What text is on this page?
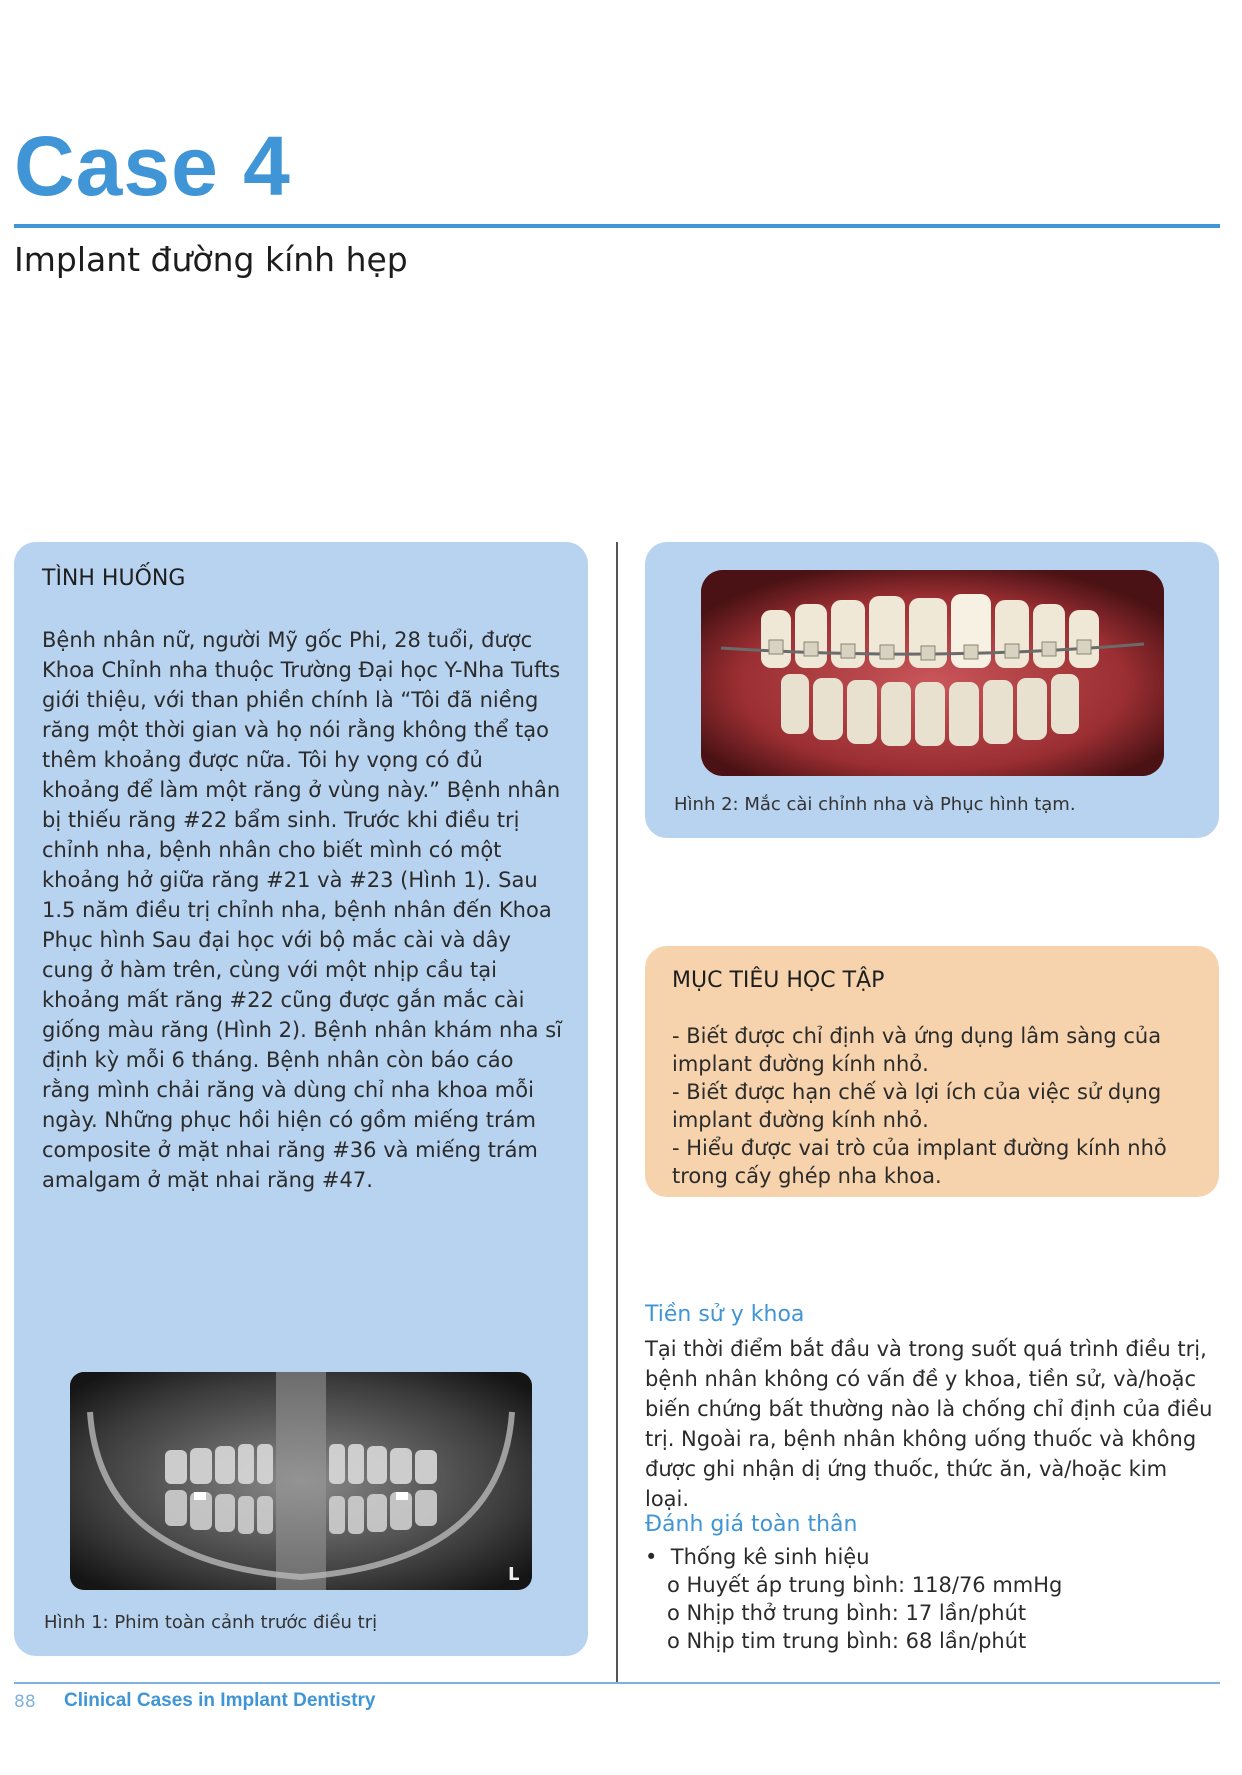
Case 4
Implant đường kính hẹp
TÌNH HUỐNG

Bệnh nhân nữ, người Mỹ gốc Phi, 28 tuổi, được Khoa Chỉnh nha thuộc Trường Đại học Y-Nha Tufts giới thiệu, với than phiền chính là “Tôi đã niềng răng một thời gian và họ nói rằng không thể tạo thêm khoảng được nữa. Tôi hy vọng có đủ khoảng để làm một răng ở vùng này.” Bệnh nhân bị thiếu răng #22 bẩm sinh. Trước khi điều trị chỉnh nha, bệnh nhân cho biết mình có một khoảng hở giữa răng #21 và #23 (Hình 1). Sau 1.5 năm điều trị chỉnh nha, bệnh nhân đến Khoa Phục hình Sau đại học với bộ mắc cài và dây cung ở hàm trên, cùng với một nhịp cầu tại khoảng mất răng #22 cũng được gắn mắc cài giống màu răng (Hình 2). Bệnh nhân khám nha sĩ định kỳ mỗi 6 tháng. Bệnh nhân còn báo cáo rằng mình chải răng và dùng chỉ nha khoa mỗi ngày. Những phục hồi hiện có gồm miếng trám composite ở mặt nhai răng #36 và miếng trám amalgam ở mặt nhai răng #47.

L

Hình 1: Phim toàn cảnh trước điều trị

Hình 2: Mắc cài chỉnh nha và Phục hình tạm.

MỤC TIÊU HỌC TẬP
- Biết được chỉ định và ứng dụng lâm sàng của implant đường kính nhỏ.
- Biết được hạn chế và lợi ích của việc sử dụng implant đường kính nhỏ.
- Hiểu được vai trò của implant đường kính nhỏ trong cấy ghép nha khoa.
Tiền sử y khoa

Tại thời điểm bắt đầu và trong suốt quá trình điều trị, bệnh nhân không có vấn đề y khoa, tiền sử, và/hoặc biến chứng bất thường nào là chống chỉ định của điều trị. Ngoài ra, bệnh nhân không uống thuốc và không được ghi nhận dị ứng thuốc, thức ăn, và/hoặc kim loại.

Đánh giá toàn thân
•  Thống kê sinh hiệu
o Huyết áp trung bình: 118/76 mmHg
o Nhịp thở trung bình: 17 lần/phút
o Nhịp tim trung bình: 68 lần/phút

88 Clinical Cases in Implant Dentistry
